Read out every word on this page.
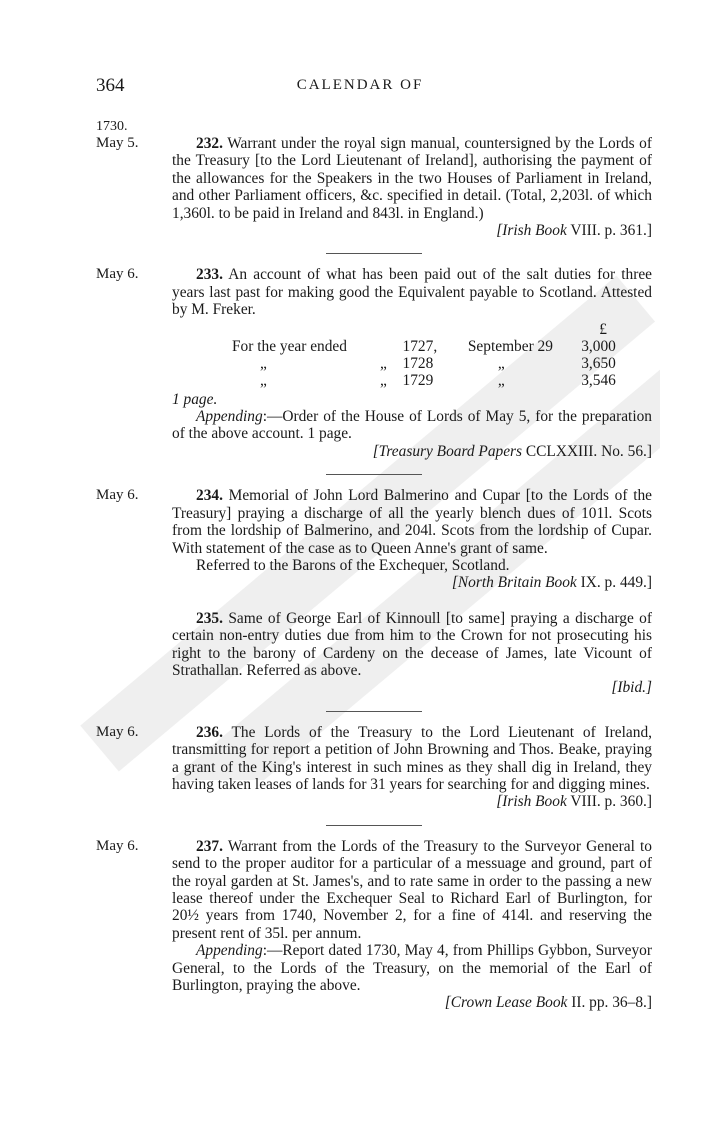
364	CALENDAR OF
1730.
May 5.	232. Warrant under the royal sign manual, countersigned by the Lords of the Treasury [to the Lord Lieutenant of Ireland], authorising the payment of the allowances for the Speakers in the two Houses of Parliament in Ireland, and other Parliament officers, &c. specified in detail. (Total, 2,203l. of which 1,360l. to be paid in Ireland and 843l. in England.)

[Irish Book VIII. p. 361.]
May 6.	233. An account of what has been paid out of the salt duties for three years last past for making good the Equivalent payable to Scotland. Attested by M. Freker.

				£
For the year ended		1727,	September 29	3,000
„	„	1728	„	3,650
„	„	1729	„	3,546
1 page.

Appending:—Order of the House of Lords of May 5, for the preparation of the above account. 1 page.

[Treasury Board Papers CCLXXIII. No. 56.]
May 6.	234. Memorial of John Lord Balmerino and Cupar [to the Lords of the Treasury] praying a discharge of all the yearly blench dues of 101l. Scots from the lordship of Balmerino, and 204l. Scots from the lordship of Cupar. With statement of the case as to Queen Anne's grant of same.

Referred to the Barons of the Exchequer, Scotland.

[North Britain Book IX. p. 449.]

235. Same of George Earl of Kinnoull [to same] praying a discharge of certain non-entry duties due from him to the Crown for not prosecuting his right to the barony of Cardeny on the decease of James, late Vicount of Strathallan. Referred as above.

[Ibid.]
May 6.	236. The Lords of the Treasury to the Lord Lieutenant of Ireland, transmitting for report a petition of John Browning and Thos. Beake, praying a grant of the King's interest in such mines as they shall dig in Ireland, they having taken leases of lands for 31 years for searching for and digging mines.

[Irish Book VIII. p. 360.]
May 6.	237. Warrant from the Lords of the Treasury to the Surveyor General to send to the proper auditor for a particular of a messuage and ground, part of the royal garden at St. James's, and to rate same in order to the passing a new lease thereof under the Exchequer Seal to Richard Earl of Burlington, for 20½ years from 1740, November 2, for a fine of 414l. and reserving the present rent of 35l. per annum.

Appending:—Report dated 1730, May 4, from Phillips Gybbon, Surveyor General, to the Lords of the Treasury, on the memorial of the Earl of Burlington, praying the above.

[Crown Lease Book II. pp. 36–8.]
